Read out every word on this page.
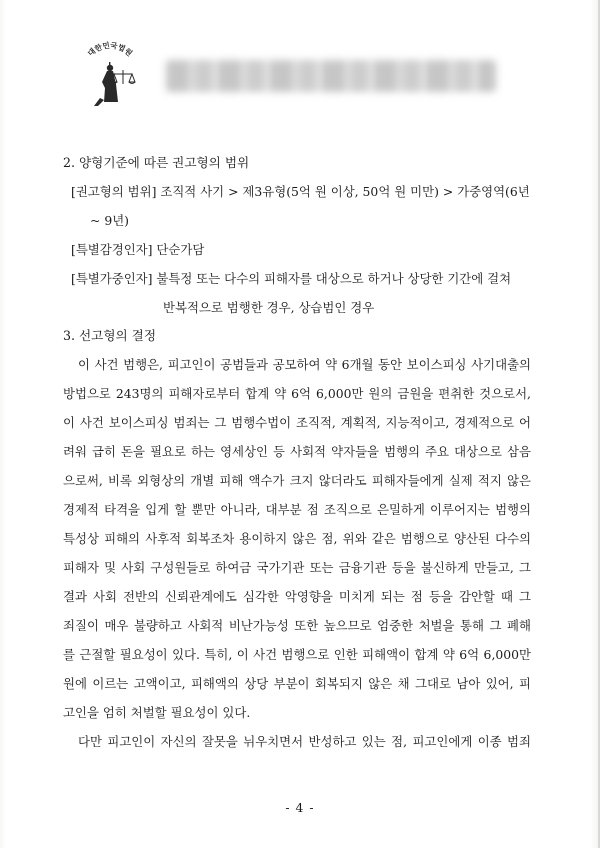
대한민국법원
2. 양형기준에 따른 권고형의 범위
[권고형의 범위] 조직적 사기 > 제3유형(5억 원 이상, 50억 원 미만) > 가중영역(6년
~ 9년)
[특별감경인자] 단순가담
[특별가중인자] 불특정 또는 다수의 피해자를 대상으로 하거나 상당한 기간에 걸쳐
반복적으로 범행한 경우, 상습범인 경우
3. 선고형의 결정
이 사건 범행은, 피고인이 공범들과 공모하여 약 6개월 동안 보이스피싱 사기대출의
방법으로 243명의 피해자로부터 합계 약 6억 6,000만 원의 금원을 편취한 것으로서,
이 사건 보이스피싱 범죄는 그 범행수법이 조직적, 계획적, 지능적이고, 경제적으로 어
려워 급히 돈을 필요로 하는 영세상인 등 사회적 약자들을 범행의 주요 대상으로 삼음
으로써, 비록 외형상의 개별 피해 액수가 크지 않더라도 피해자들에게 실제 적지 않은
경제적 타격을 입게 할 뿐만 아니라, 대부분 점 조직으로 은밀하게 이루어지는 범행의
특성상 피해의 사후적 회복조차 용이하지 않은 점, 위와 같은 범행으로 양산된 다수의
피해자 및 사회 구성원들로 하여금 국가기관 또는 금융기관 등을 불신하게 만들고, 그
결과 사회 전반의 신뢰관계에도 심각한 악영향을 미치게 되는 점 등을 감안할 때 그
죄질이 매우 불량하고 사회적 비난가능성 또한 높으므로 엄중한 처벌을 통해 그 폐해
를 근절할 필요성이 있다. 특히, 이 사건 범행으로 인한 피해액이 합계 약 6억 6,000만
원에 이르는 고액이고, 피해액의 상당 부분이 회복되지 않은 채 그대로 남아 있어, 피
고인을 엄히 처벌할 필요성이 있다.
다만 피고인이 자신의 잘못을 뉘우치면서 반성하고 있는 점, 피고인에게 이종 범죄
- 4 -
